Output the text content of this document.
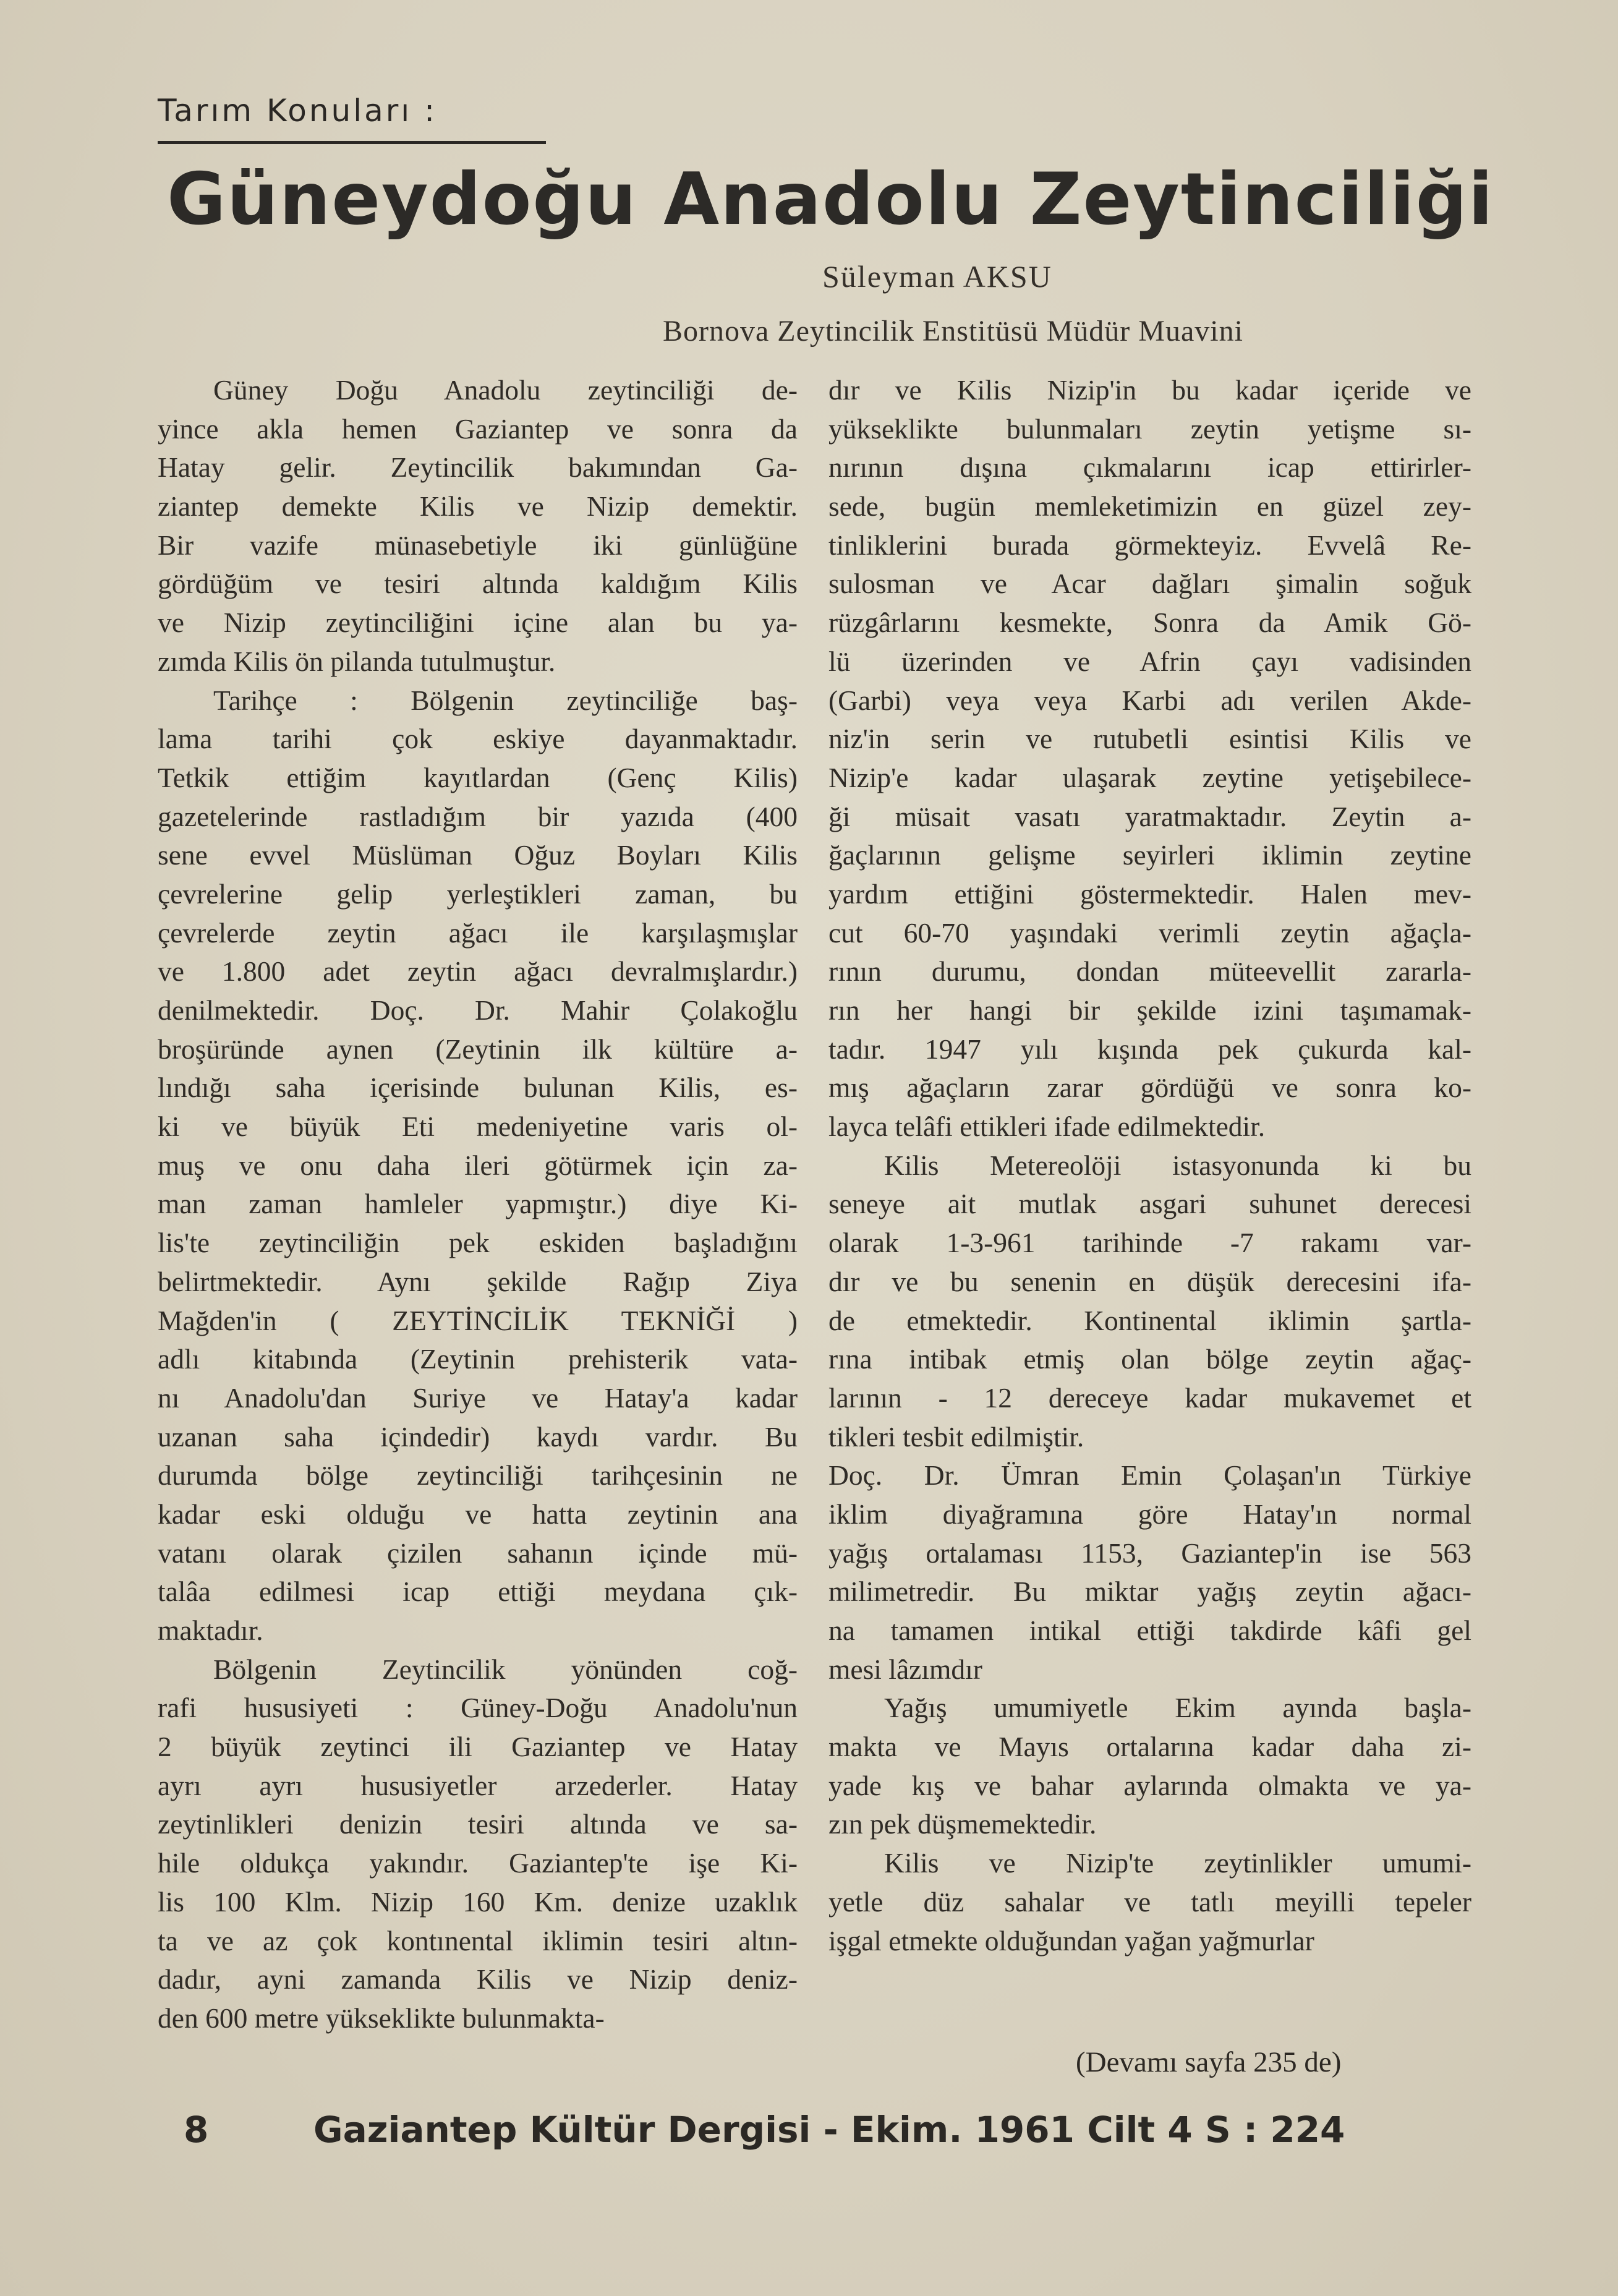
Tarım Konuları :
Güneydoğu Anadolu Zeytinciliği
Süleyman AKSU
Bornova Zeytincilik Enstitüsü Müdür Muavini
Güney Doğu Anadolu zeytinciliği de-
yince akla hemen Gaziantep ve sonra da
Hatay gelir. Zeytincilik bakımından Ga-
ziantep demekte Kilis ve Nizip demektir.
Bir vazife münasebetiyle iki günlüğüne
gördüğüm ve tesiri altında kaldığım Kilis
ve Nizip zeytinciliğini içine alan bu ya-
zımda Kilis ön pilanda tutulmuştur.
Tarihçe : Bölgenin zeytinciliğe baş-
lama tarihi çok eskiye dayanmaktadır.
Tetkik ettiğim kayıtlardan (Genç Kilis)
gazetelerinde rastladığım bir yazıda (400
sene evvel Müslüman Oğuz Boyları Kilis
çevrelerine gelip yerleştikleri zaman, bu
çevrelerde zeytin ağacı ile karşılaşmışlar
ve 1.800 adet zeytin ağacı devralmışlardır.)
denilmektedir. Doç. Dr. Mahir Çolakoğlu
broşüründe aynen (Zeytinin ilk kültüre a-
lındığı saha içerisinde bulunan Kilis, es-
ki ve büyük Eti medeniyetine varis ol-
muş ve onu daha ileri götürmek için za-
man zaman hamleler yapmıştır.) diye Ki-
lis'te zeytinciliğin pek eskiden başladığını
belirtmektedir. Aynı şekilde Rağıp Ziya
Mağden'in ( ZEYTİNCİLİK TEKNİĞİ )
adlı kitabında (Zeytinin prehisterik vata-
nı Anadolu'dan Suriye ve Hatay'a kadar
uzanan saha içindedir) kaydı vardır. Bu
durumda bölge zeytinciliği tarihçesinin ne
kadar eski olduğu ve hatta zeytinin ana
vatanı olarak çizilen sahanın içinde mü-
talâa edilmesi icap ettiği meydana çık-
maktadır.
Bölgenin Zeytincilik yönünden coğ-
rafi hususiyeti : Güney-Doğu Anadolu'nun
2 büyük zeytinci ili Gaziantep ve Hatay
ayrı ayrı hususiyetler arzederler. Hatay
zeytinlikleri denizin tesiri altında ve sa-
hile oldukça yakındır. Gaziantep'te işe Ki-
lis 100 Klm. Nizip 160 Km. denize uzaklık
ta ve az çok kontınental iklimin tesiri altın-
dadır, ayni zamanda Kilis ve Nizip deniz-
den 600 metre yükseklikte bulunmakta-
dır ve Kilis Nizip'in bu kadar içeride ve
yükseklikte bulunmaları zeytin yetişme sı-
nırının dışına çıkmalarını icap ettirirler-
sede, bugün memleketimizin en güzel zey-
tinliklerini burada görmekteyiz. Evvelâ Re-
sulosman ve Acar dağları şimalin soğuk
rüzgârlarını kesmekte, Sonra da Amik Gö-
lü üzerinden ve Afrin çayı vadisinden
(Garbi) veya veya Karbi adı verilen Akde-
niz'in serin ve rutubetli esintisi Kilis ve
Nizip'e kadar ulaşarak zeytine yetişebilece-
ği müsait vasatı yaratmaktadır. Zeytin a-
ğaçlarının gelişme seyirleri iklimin zeytine
yardım ettiğini göstermektedir. Halen mev-
cut 60-70 yaşındaki verimli zeytin ağaçla-
rının durumu, dondan müteevellit zararla-
rın her hangi bir şekilde izini taşımamak-
tadır. 1947 yılı kışında pek çukurda kal-
mış ağaçların zarar gördüğü ve sonra ko-
layca telâfi ettikleri ifade edilmektedir.
Kilis Metereolöji istasyonunda ki bu
seneye ait mutlak asgari suhunet derecesi
olarak 1-3-961 tarihinde -7 rakamı var-
dır ve bu senenin en düşük derecesini ifa-
de etmektedir. Kontinental iklimin şartla-
rına intibak etmiş olan bölge zeytin ağaç-
larının - 12 dereceye kadar mukavemet et
tikleri tesbit edilmiştir.
Doç. Dr. Ümran Emin Çolaşan'ın Türkiye
iklim diyağramına göre Hatay'ın normal
yağış ortalaması 1153, Gaziantep'in ise 563
milimetredir. Bu miktar yağış zeytin ağacı-
na tamamen intikal ettiği takdirde kâfi gel
mesi lâzımdır
Yağış umumiyetle Ekim ayında başla-
makta ve Mayıs ortalarına kadar daha zi-
yade kış ve bahar aylarında olmakta ve ya-
zın pek düşmemektedir.
Kilis ve Nizip'te zeytinlikler umumi-
yetle düz sahalar ve tatlı meyilli tepeler
işgal etmekte olduğundan yağan yağmurlar
(Devamı sayfa 235 de)
8	Gaziantep Kültür Dergisi - Ekim. 1961 Cilt 4 S : 224
